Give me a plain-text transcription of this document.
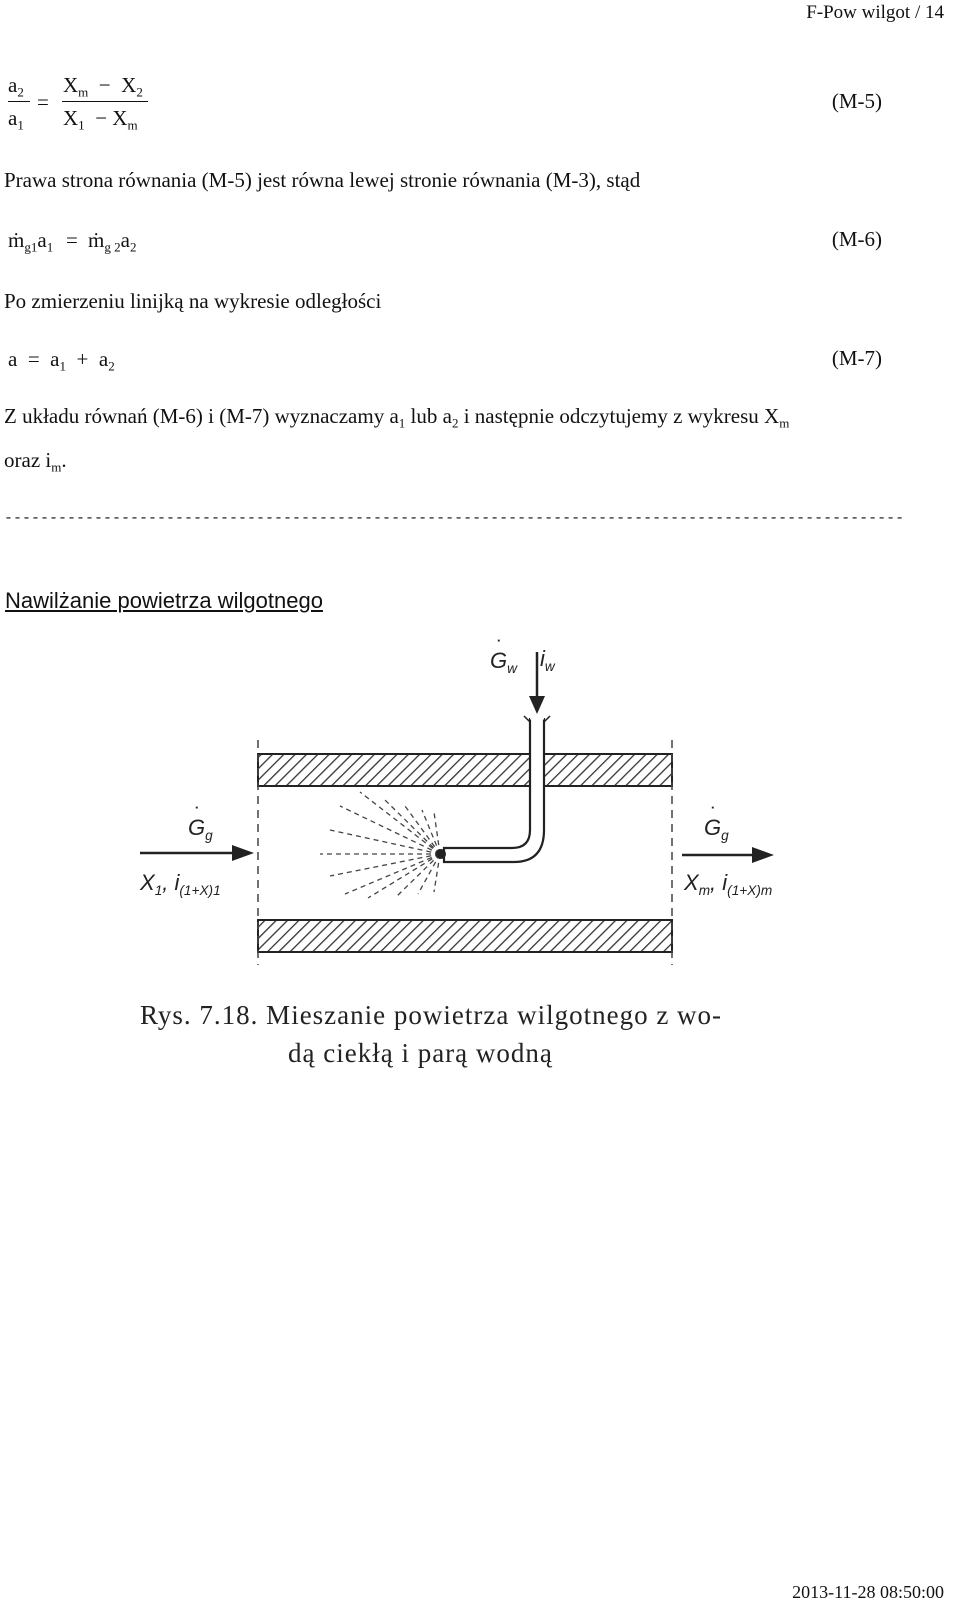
F-Pow wilgot / 14
$a_2$
$a_1$
=
$X_m - X_2$
$X_1 - X_m$
(M-5)
Prawa strona równania (M-5) jest równa lewej stronie równania (M-3), stąd
$ṁ_{g1}a_1$ = $ṁ_{g 2}a_2$	(M-6)
Po zmierzeniu linijką na wykresie odległości
$a = a_1 + a_2$	(M-7)
Z układu równań (M-6) i (M-7) wyznaczamy $a_1$ lub $a_2$ i następnie odczytujemy z wykresu $X_m$
oraz $i_m$.
----------------------------------------------------------------------------------------------------
Nawilżanie powietrza wilgotnego
˙ $G_w$ $i_w$
˙ $G_g$
$X_1$, $i_{(1+X)1}$
˙ $G_g$
$X_m$, $i_{(1+X)m}$
Rys. 7.18. Mieszanie powietrza wilgotnego z wo-
dą ciekłą i parą wodną
2013-11-28 08:50:00
